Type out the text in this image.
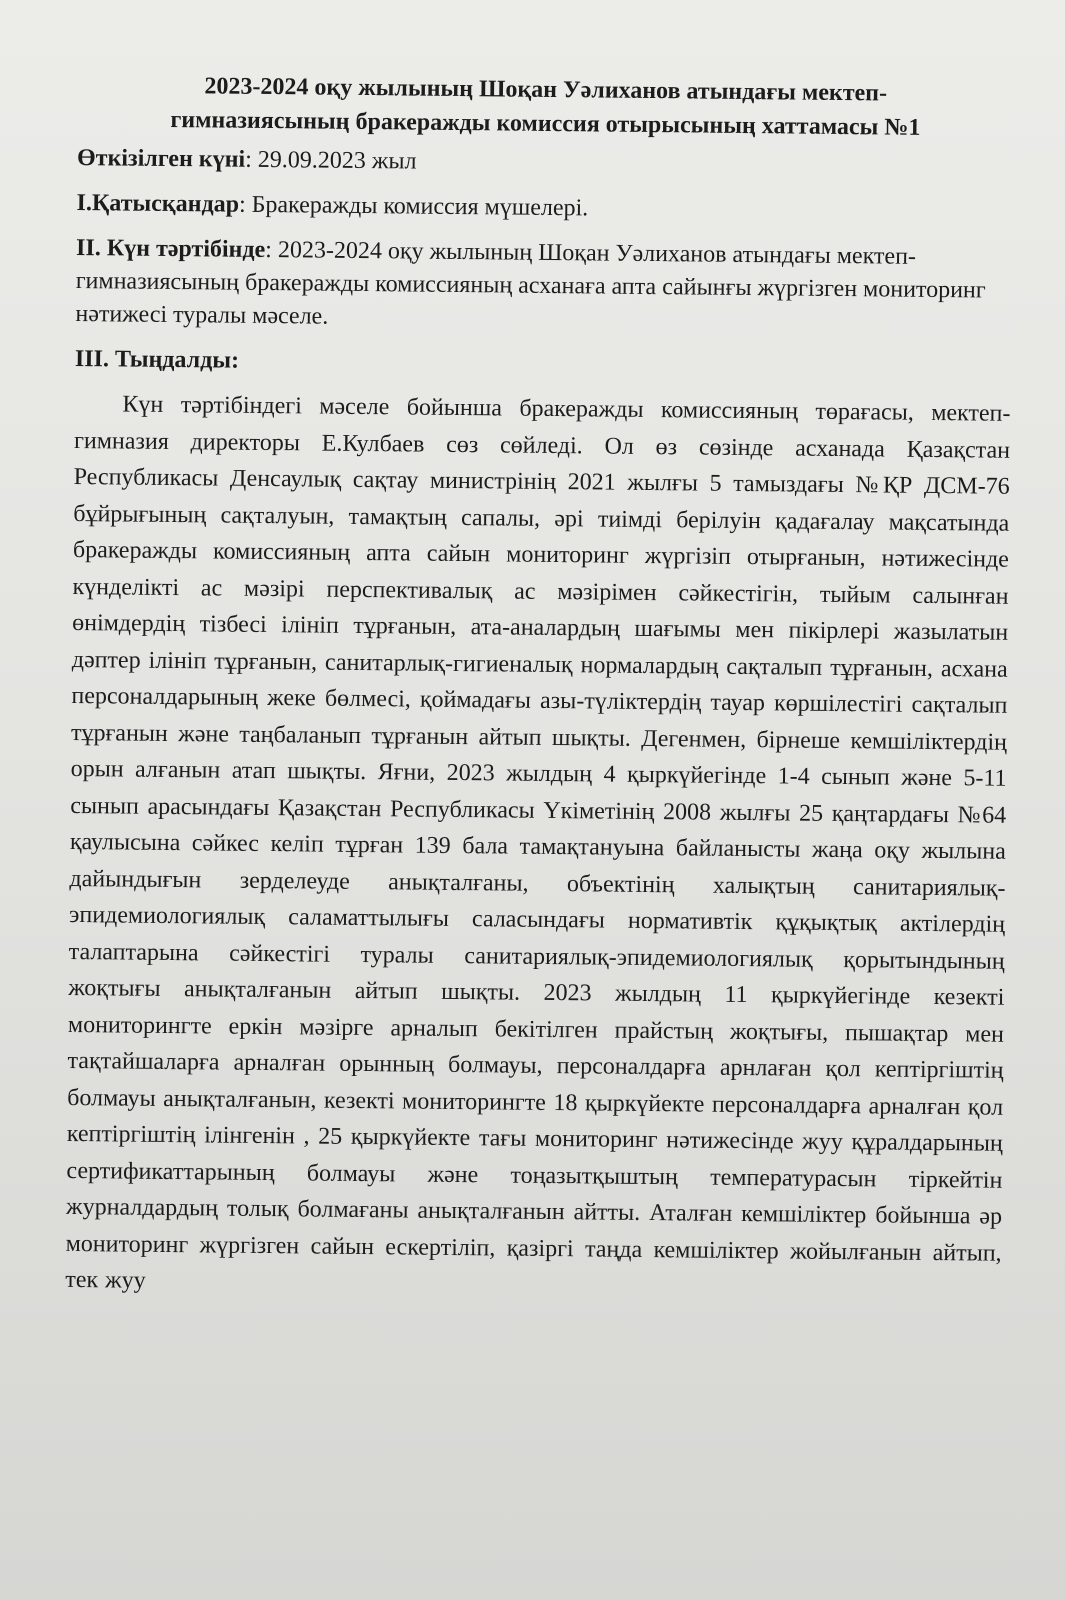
2023-2024 оқу жылының Шоқан Уәлиханов атындағы мектеп-
гимназиясының бракеражды комиссия отырысының хаттамасы №1

Өткізілген күні: 29.09.2023 жыл

I.Қатысқандар: Бракеражды комиссия мүшелері.

II. Күн тәртібінде: 2023-2024 оқу жылының Шоқан Уәлиханов атындағы мектеп-гимназиясының бракеражды комиссияның асханаға апта сайынғы жүргізген мониторинг нәтижесі туралы мәселе.

III. Тыңдалды:

Күн тәртібіндегі мәселе бойынша бракеражды комиссияның төрағасы, мектеп-гимназия директоры Е.Кулбаев сөз сөйледі. Ол өз сөзінде асханада Қазақстан Республикасы Денсаулық сақтау министрінің 2021 жылғы 5 тамыздағы №ҚР ДСМ-76 бұйрығының сақталуын, тамақтың сапалы, әрі тиімді берілуін қадағалау мақсатында бракеражды комиссияның апта сайын мониторинг жүргізіп отырғанын, нәтижесінде күнделікті ас мәзірі перспективалық ас мәзірімен сәйкестігін, тыйым салынған өнімдердің тізбесі ілініп тұрғанын, ата-аналардың шағымы мен пікірлері жазылатын дәптер ілініп тұрғанын, санитарлық-гигиеналық нормалардың сақталып тұрғанын, асхана персоналдарының жеке бөлмесі, қоймадағы азы-түліктердің тауар көршілестігі сақталып тұрғанын және таңбаланып тұрғанын айтып шықты. Дегенмен, бірнеше кемшіліктердің орын алғанын атап шықты. Яғни, 2023 жылдың 4 қыркүйегінде 1-4 сынып және 5-11 сынып арасындағы Қазақстан Республикасы Үкіметінің 2008 жылғы 25 қаңтардағы №64 қаулысына сәйкес келіп тұрған 139 бала тамақтануына байланысты жаңа оқу жылына дайындығын зерделеуде анықталғаны, объектінің халықтың санитариялық-эпидемиологиялық саламаттылығы саласындағы нормативтік құқықтық актілердің талаптарына сәйкестігі туралы санитариялық-эпидемиологиялық қорытындының жоқтығы анықталғанын айтып шықты. 2023 жылдың 11 қыркүйегінде кезекті мониторингте еркін мәзірге арналып бекітілген прайстың жоқтығы, пышақтар мен тақтайшаларға арналған орынның болмауы, персоналдарға арнлаған қол кептіргіштің болмауы анықталғанын, кезекті мониторингте 18 қыркүйекте персоналдарға арналған қол кептіргіштің ілінгенін , 25 қыркүйекте тағы мониторинг нәтижесінде жуу құралдарының сертификаттарының болмауы және тоңазытқыштың температурасын тіркейтін журналдардың толық болмағаны анықталғанын айтты. Аталған кемшіліктер бойынша әр мониторинг жүргізген сайын ескертіліп, қазіргі таңда кемшіліктер жойылғанын айтып, тек жуу
